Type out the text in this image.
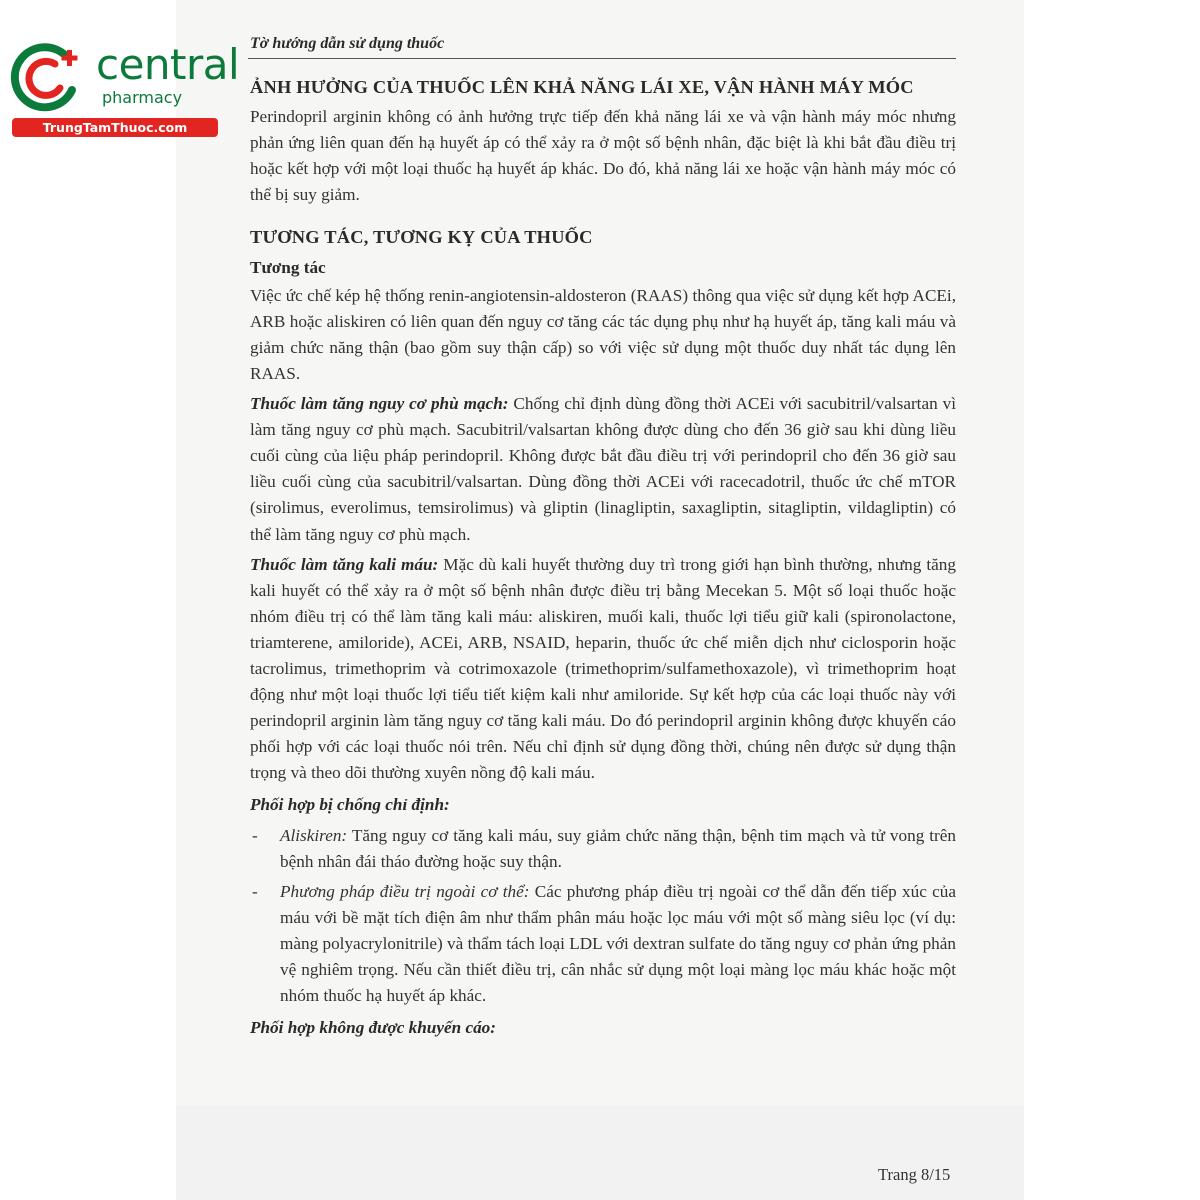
central
pharmacy
TrungTamThuoc.com
Tờ hướng dẫn sử dụng thuốc
ẢNH HƯỞNG CỦA THUỐC LÊN KHẢ NĂNG LÁI XE, VẬN HÀNH MÁY MÓC

Perindopril arginin không có ảnh hưởng trực tiếp đến khả năng lái xe và vận hành máy móc nhưng phản ứng liên quan đến hạ huyết áp có thể xảy ra ở một số bệnh nhân, đặc biệt là khi bắt đầu điều trị hoặc kết hợp với một loại thuốc hạ huyết áp khác. Do đó, khả năng lái xe hoặc vận hành máy móc có thể bị suy giảm.

TƯƠNG TÁC, TƯƠNG KỴ CỦA THUỐC
Tương tác

Việc ức chế kép hệ thống renin-angiotensin-aldosteron (RAAS) thông qua việc sử dụng kết hợp ACEi, ARB hoặc aliskiren có liên quan đến nguy cơ tăng các tác dụng phụ như hạ huyết áp, tăng kali máu và giảm chức năng thận (bao gồm suy thận cấp) so với việc sử dụng một thuốc duy nhất tác dụng lên RAAS.

Thuốc làm tăng nguy cơ phù mạch: Chống chỉ định dùng đồng thời ACEi với sacubitril/valsartan vì làm tăng nguy cơ phù mạch. Sacubitril/valsartan không được dùng cho đến 36 giờ sau khi dùng liều cuối cùng của liệu pháp perindopril. Không được bắt đầu điều trị với perindopril cho đến 36 giờ sau liều cuối cùng của sacubitril/valsartan. Dùng đồng thời ACEi với racecadotril, thuốc ức chế mTOR (sirolimus, everolimus, temsirolimus) và gliptin (linagliptin, saxagliptin, sitagliptin, vildagliptin) có thể làm tăng nguy cơ phù mạch.

Thuốc làm tăng kali máu: Mặc dù kali huyết thường duy trì trong giới hạn bình thường, nhưng tăng kali huyết có thể xảy ra ở một số bệnh nhân được điều trị bằng Mecekan 5. Một số loại thuốc hoặc nhóm điều trị có thể làm tăng kali máu: aliskiren, muối kali, thuốc lợi tiểu giữ kali (spironolactone, triamterene, amiloride), ACEi, ARB, NSAID, heparin, thuốc ức chế miễn dịch như ciclosporin hoặc tacrolimus, trimethoprim và cotrimoxazole (trimethoprim/sulfamethoxazole), vì trimethoprim hoạt động như một loại thuốc lợi tiểu tiết kiệm kali như amiloride. Sự kết hợp của các loại thuốc này với perindopril arginin làm tăng nguy cơ tăng kali máu. Do đó perindopril arginin không được khuyến cáo phối hợp với các loại thuốc nói trên. Nếu chỉ định sử dụng đồng thời, chúng nên được sử dụng thận trọng và theo dõi thường xuyên nồng độ kali máu.

Phối hợp bị chống chỉ định:
- Aliskiren: Tăng nguy cơ tăng kali máu, suy giảm chức năng thận, bệnh tim mạch và tử vong trên bệnh nhân đái tháo đường hoặc suy thận.
- Phương pháp điều trị ngoài cơ thể: Các phương pháp điều trị ngoài cơ thể dẫn đến tiếp xúc của máu với bề mặt tích điện âm như thẩm phân máu hoặc lọc máu với một số màng siêu lọc (ví dụ: màng polyacrylonitrile) và thẩm tách loại LDL với dextran sulfate do tăng nguy cơ phản ứng phản vệ nghiêm trọng. Nếu cần thiết điều trị, cân nhắc sử dụng một loại màng lọc máu khác hoặc một nhóm thuốc hạ huyết áp khác.
Phối hợp không được khuyến cáo:
Trang 8/15
